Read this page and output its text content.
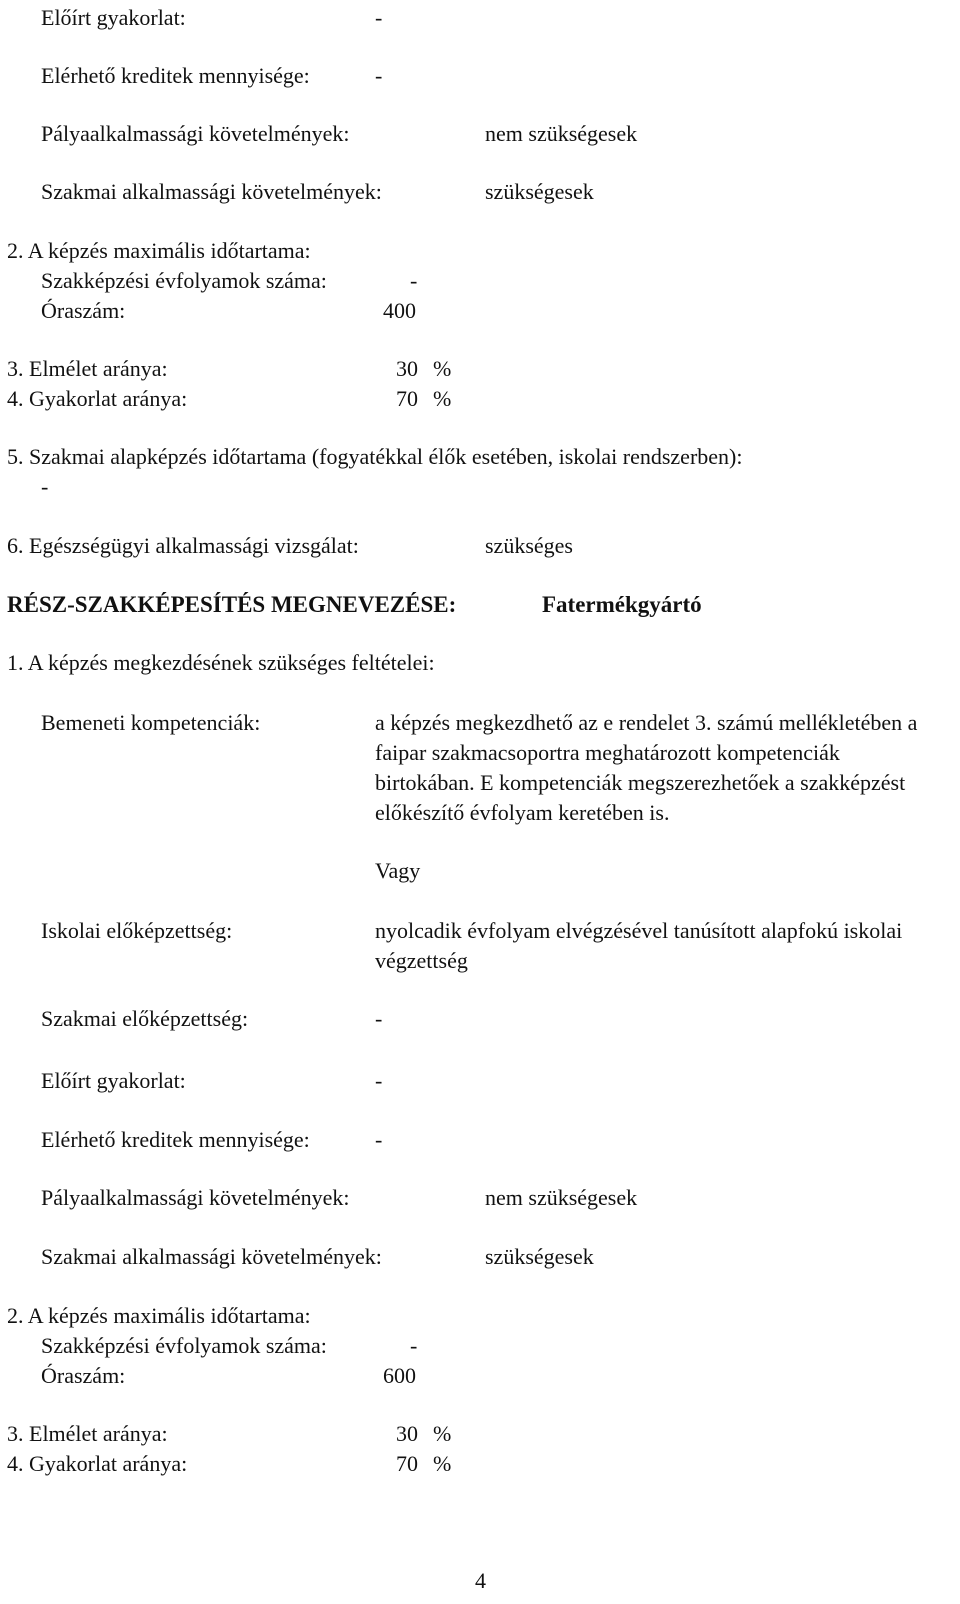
Előírt gyakorlat:	-
Elérhető kreditek mennyisége:	-
Pályaalkalmassági követelmények:	nem szükségesek
Szakmai alkalmassági követelmények:	szükségesek
2. A képzés maximális időtartama:
Szakképzési évfolyamok száma:	-
Óraszám:	400
3. Elmélet aránya:	30 %
4. Gyakorlat aránya:	70 %
5. Szakmai alapképzés időtartama (fogyatékkal élők esetében, iskolai rendszerben):
-
6. Egészségügyi alkalmassági vizsgálat:	szükséges
RÉSZ-SZAKKÉPESÍTÉS MEGNEVEZÉSE:	Fatermékgyártó
1. A képzés megkezdésének szükséges feltételei:
Bemeneti kompetenciák:	a képzés megkezdhető az e rendelet 3. számú mellékletében a faipar szakmacsoportra meghatározott kompetenciák birtokában. E kompetenciák megszerezhetőek a szakképzést előkészítő évfolyam keretében is.
Vagy
Iskolai előképzettség:	nyolcadik évfolyam elvégzésével tanúsított alapfokú iskolai végzettség
Szakmai előképzettség:	-
Előírt gyakorlat:	-
Elérhető kreditek mennyisége:	-
Pályaalkalmassági követelmények:	nem szükségesek
Szakmai alkalmassági követelmények:	szükségesek
2. A képzés maximális időtartama:
Szakképzési évfolyamok száma:	-
Óraszám:	600
3. Elmélet aránya:	30 %
4. Gyakorlat aránya:	70 %
4
